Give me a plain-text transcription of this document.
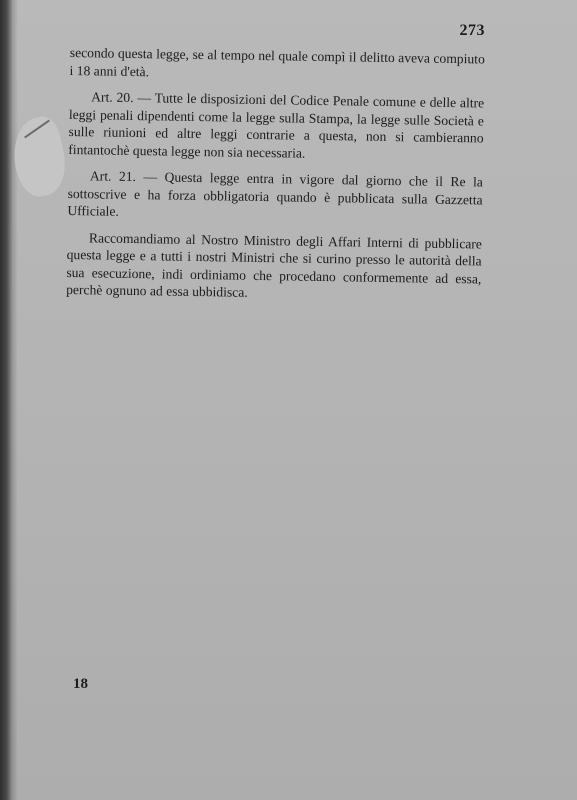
273

secondo questa legge, se al tempo nel quale compì il delitto aveva compiuto i 18 anni d'età.

Art. 20. — Tutte le disposizioni del Codice Penale comune e delle altre leggi penali dipendenti come la legge sulla Stampa, la legge sulle Società e sulle riunioni ed altre leggi contrarie a questa, non si cambieranno fintantochè questa legge non sia necessaria.

Art. 21. — Questa legge entra in vigore dal giorno che il Re la sottoscrive e ha forza obbligatoria quando è pubblicata sulla Gazzetta Ufficiale.

Raccomandiamo al Nostro Ministro degli Affari Interni di pubblicare questa legge e a tutti i nostri Ministri che si curino presso le autorità della sua esecuzione, indi ordiniamo che procedano conformemente ad essa, perchè ognuno ad essa ubbidisca.

18
